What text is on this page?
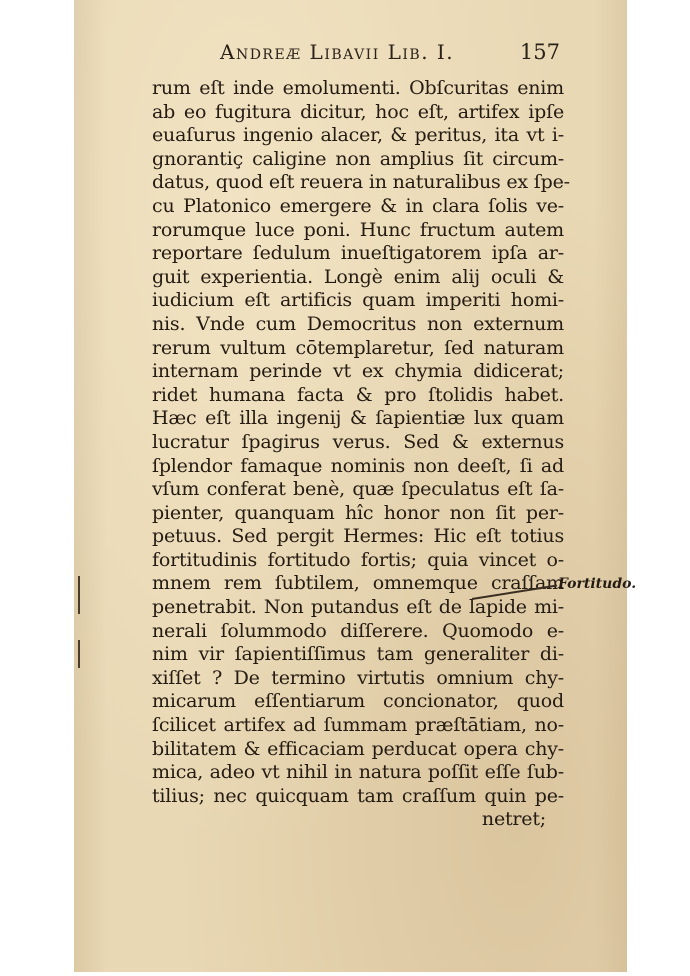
Andreæ Libavii Lib. I.	157
rum eſt inde emolumenti. Obſcuritas enim
ab eo fugitura dicitur, hoc eſt, artifex ipſe
euaſurus ingenio alacer, & peritus, ita vt i-
gnorantiç caligine non amplius ſit circum-
datus, quod eſt reuera in naturalibus ex ſpe-
cu Platonico emergere & in clara ſolis ve-
rorumque luce poni. Hunc fructum autem
reportare ſedulum inueſtigatorem ipſa ar-
guit experientia. Longè enim alij oculi &
iudicium eſt artificis quam imperiti homi-
nis. Vnde cum Democritus non externum
rerum vultum cōtemplaretur, ſed naturam
internam perinde vt ex chymia didicerat;
ridet humana facta & pro ſtolidis habet.
Hæc eſt illa ingenij & ſapientiæ lux quam
lucratur ſpagirus verus. Sed & externus
ſplendor famaque nominis non deeſt, ſi ad
vſum conferat benè, quæ ſpeculatus eſt ſa-
pienter, quanquam hîc honor non ſit per-
petuus. Sed pergit Hermes: Hic eſt totius
fortitudinis fortitudo fortis; quia vincet o-
mnem rem ſubtilem, omnemque craſſam
penetrabit. Non putandus eſt de lapide mi-
nerali ſolummodo diſſerere. Quomodo e-
nim vir ſapientiſſimus tam generaliter di-
xiſſet ? De termino virtutis omnium chy-
micarum eſſentiarum concionator, quod
ſcilicet artifex ad ſummam præſtātiam, no-
bilitatem & efficaciam perducat opera chy-
mica, adeo vt nihil in natura poſſit eſſe ſub-
tilius; nec quicquam tam craſſum quin pe-
netret;
Fortitudo.
